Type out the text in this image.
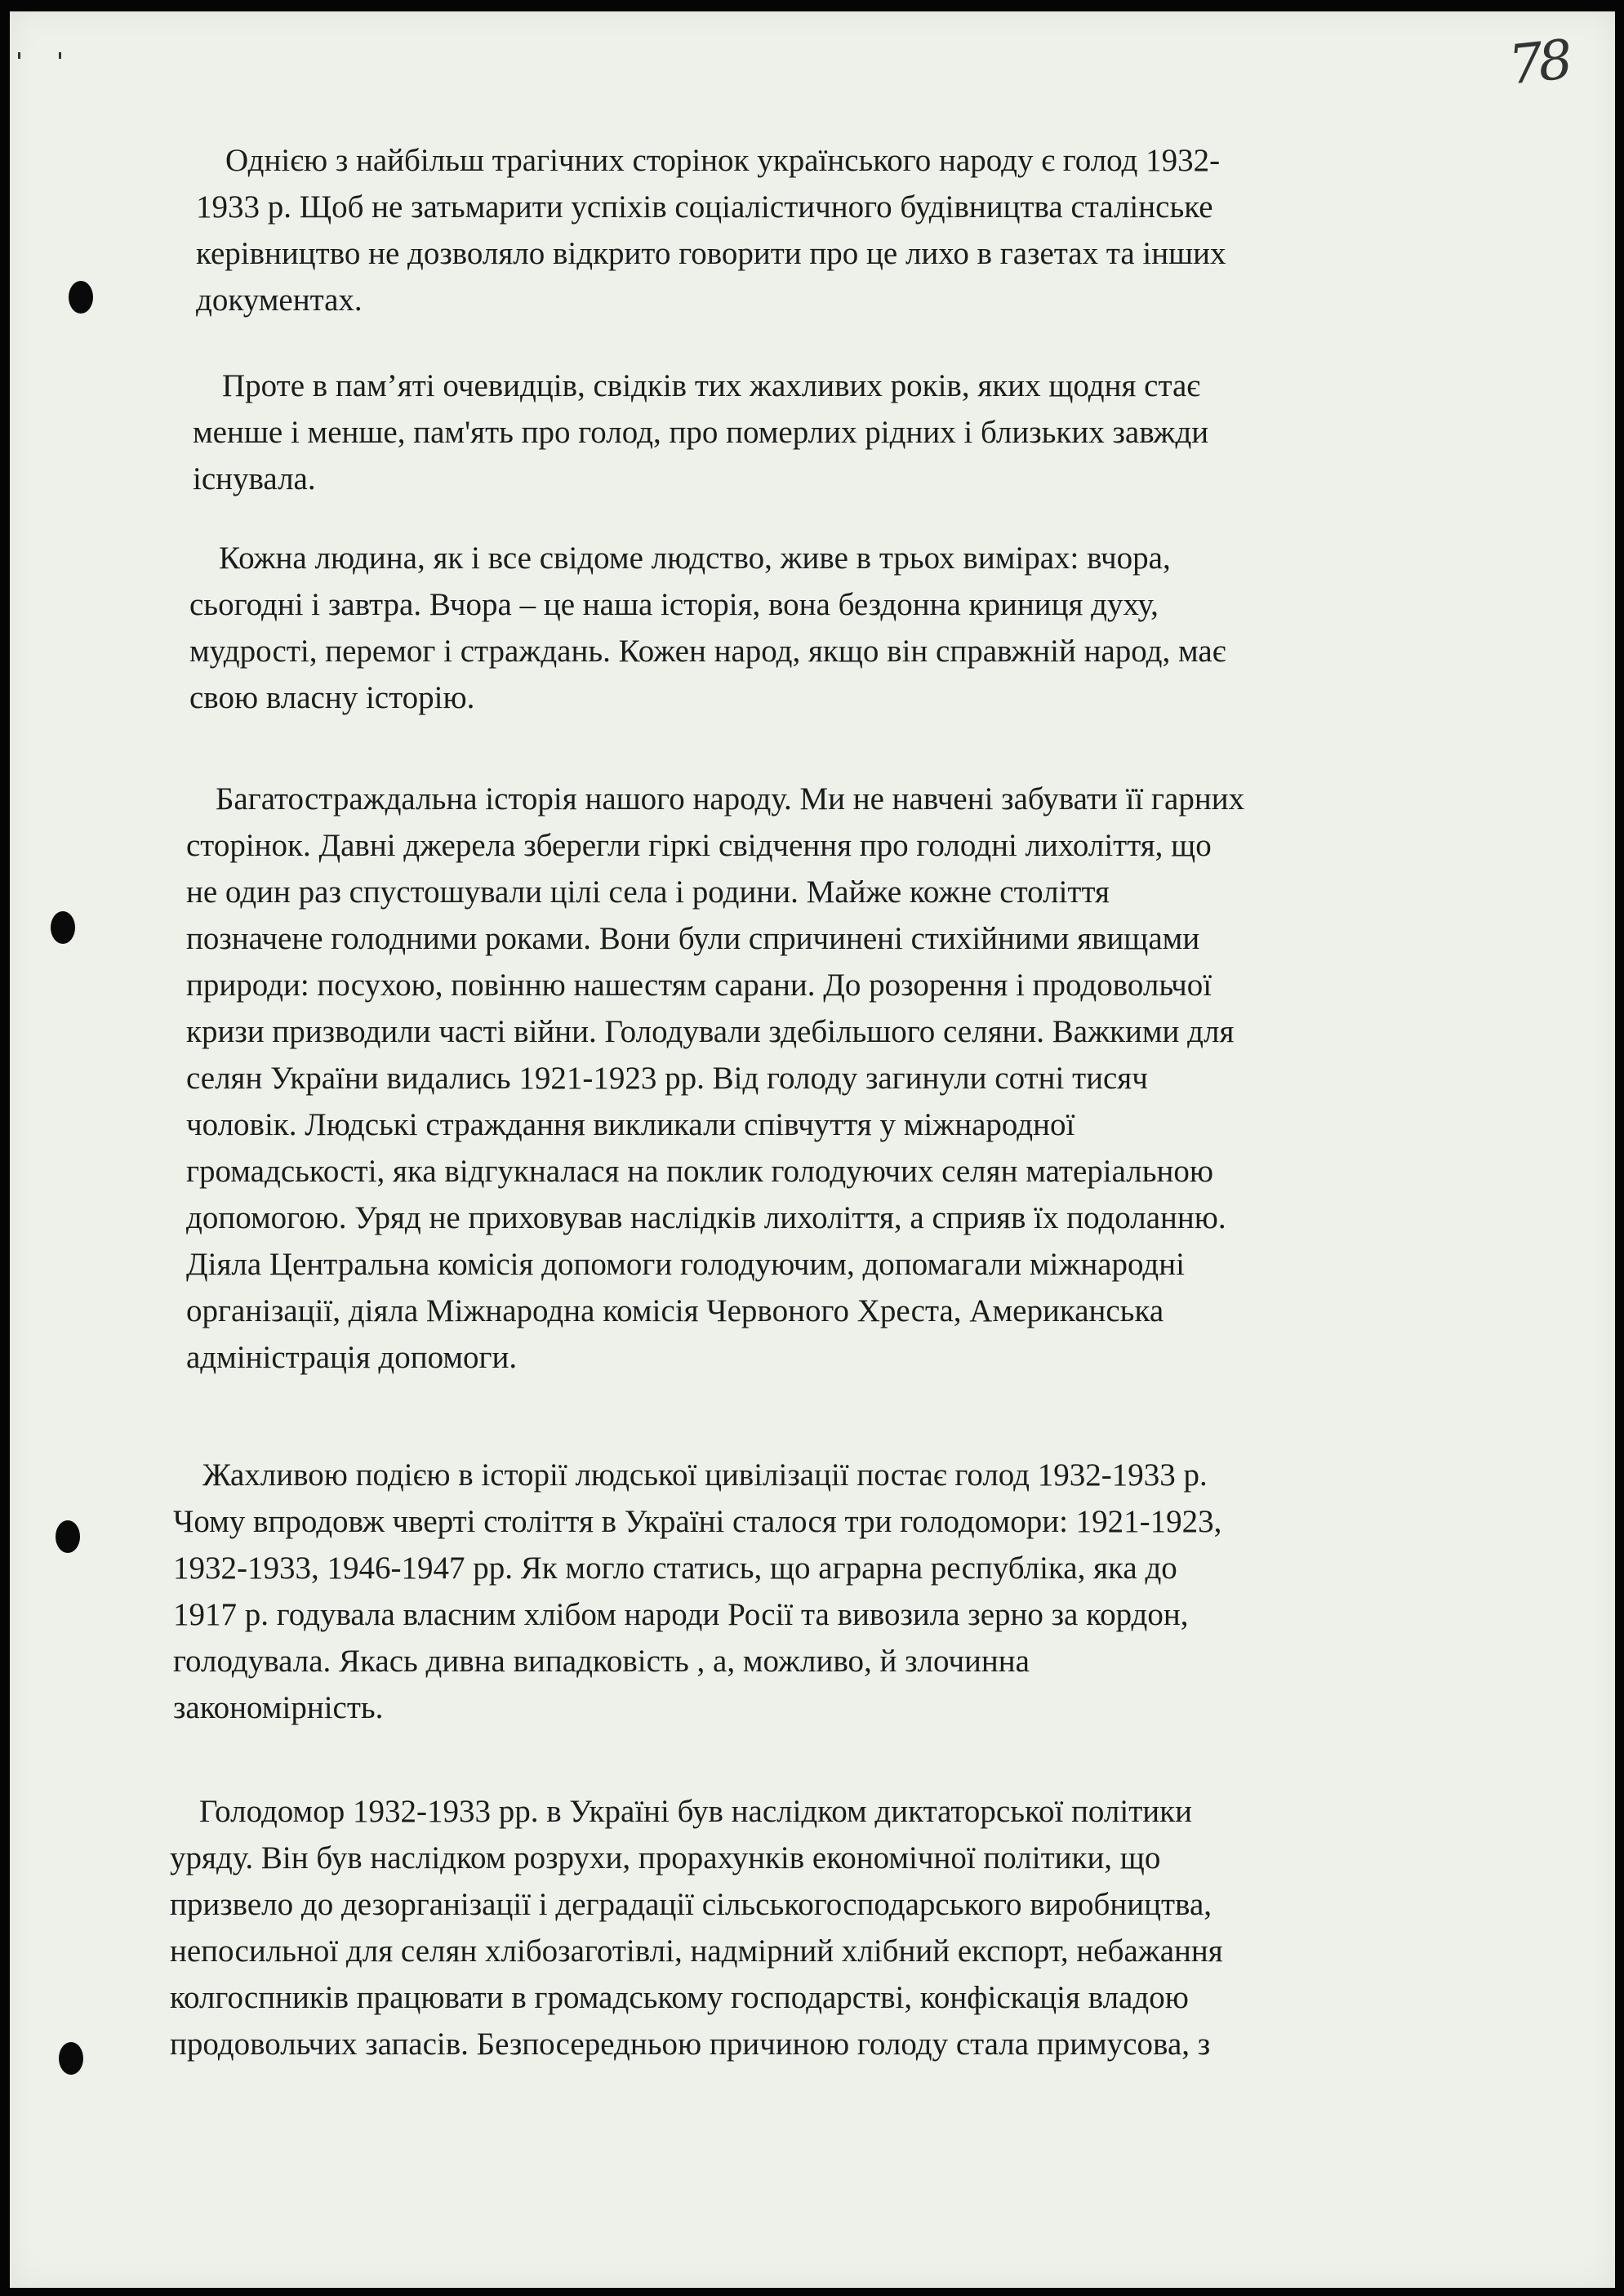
78

Однією з найбільш трагічних сторінок українського народу є голод 1932-
1933 р. Щоб не затьмарити успіхів соціалістичного будівництва сталінське
керівництво не дозволяло відкрито говорити про це лихо в газетах та інших
документах.

Проте в пам’яті очевидців, свідків тих жахливих років, яких щодня стає
менше і менше, пам'ять про голод, про померлих рідних і близьких завжди
існувала.

Кожна людина, як і все свідоме людство, живе в трьох вимірах: вчора,
сьогодні і завтра. Вчора – це наша історія, вона бездонна криниця духу,
мудрості, перемог і страждань. Кожен народ, якщо він справжній народ, має
свою власну історію.

Багатостраждальна історія нашого народу. Ми не навчені забувати її гарних
сторінок. Давні джерела зберегли гіркі свідчення про голодні лихоліття, що
не один раз спустошували цілі села і родини. Майже кожне століття
позначене голодними роками. Вони були спричинені стихійними явищами
природи: посухою, повінню нашестям сарани. До розорення і продовольчої
кризи призводили часті війни. Голодували здебільшого селяни. Важкими для
селян України видались 1921-1923 рр. Від голоду загинули сотні тисяч
чоловік. Людські страждання викликали співчуття у міжнародної
громадськості, яка відгукналася на поклик голодуючих селян матеріальною
допомогою. Уряд не приховував наслідків лихоліття, а сприяв їх подоланню.
Діяла Центральна комісія допомоги голодуючим, допомагали міжнародні
організації, діяла Міжнародна комісія Червоного Хреста, Американська
адміністрація допомоги.

Жахливою подією в історії людської цивілізації постає голод 1932-1933 р.
Чому впродовж чверті століття в Україні сталося три голодомори: 1921-1923,
1932-1933, 1946-1947 рр. Як могло статись, що аграрна республіка, яка до
1917 р. годувала власним хлібом народи Росії та вивозила зерно за кордон,
голодувала. Якась дивна випадковість , а, можливо, й злочинна
закономірність.

Голодомор 1932-1933 рр. в Україні був наслідком диктаторської політики
уряду. Він був наслідком розрухи, прорахунків економічної політики, що
призвело до дезорганізації і деградації сільськогосподарського виробництва,
непосильної для селян хлібозаготівлі, надмірний хлібний експорт, небажання
колгоспників працювати в громадському господарстві, конфіскація владою
продовольчих запасів. Безпосередньою причиною голоду стала примусова, з
